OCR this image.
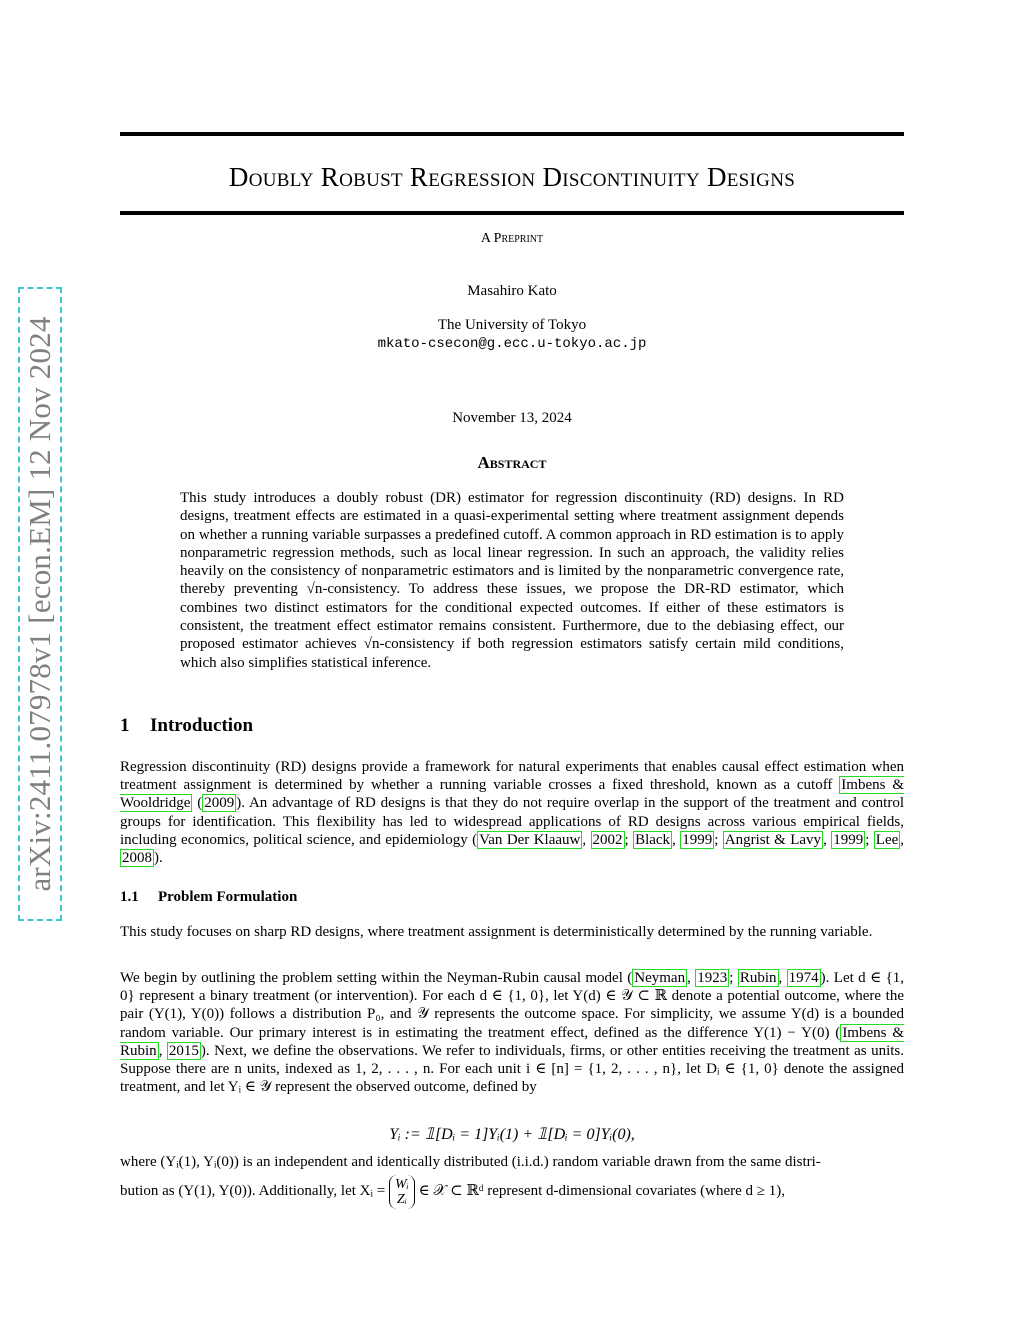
arXiv:2411.07978v1 [econ.EM] 12 Nov 2024
Doubly Robust Regression Discontinuity Designs
A Preprint
Masahiro Kato
The University of Tokyo
mkato-csecon@g.ecc.u-tokyo.ac.jp
November 13, 2024
Abstract
This study introduces a doubly robust (DR) estimator for regression discontinuity (RD) designs. In RD designs, treatment effects are estimated in a quasi-experimental setting where treatment assignment depends on whether a running variable surpasses a predefined cutoff. A common approach in RD estimation is to apply nonparametric regression methods, such as local linear regression. In such an approach, the validity relies heavily on the consistency of nonparametric estimators and is limited by the nonparametric convergence rate, thereby preventing √n-consistency. To address these issues, we propose the DR-RD estimator, which combines two distinct estimators for the conditional expected outcomes. If either of these estimators is consistent, the treatment effect estimator remains consistent. Furthermore, due to the debiasing effect, our proposed estimator achieves √n-consistency if both regression estimators satisfy certain mild conditions, which also simplifies statistical inference.
1 Introduction
Regression discontinuity (RD) designs provide a framework for natural experiments that enables causal effect estimation when treatment assignment is determined by whether a running variable crosses a fixed threshold, known as a cutoff Imbens & Wooldridge ( 2009 ). An advantage of RD designs is that they do not require overlap in the support of the treatment and control groups for identification. This flexibility has led to widespread applications of RD designs across various empirical fields, including economics, political science, and epidemiology ( Van Der Klaauw , 2002 ; Black , 1999 ; Angrist & Lavy , 1999 ; Lee , 2008 ).
1.1 Problem Formulation
This study focuses on sharp RD designs, where treatment assignment is deterministically determined by the running variable.
We begin by outlining the problem setting within the Neyman-Rubin causal model ( Neyman , 1923 ; Rubin , 1974 ). Let d ∈ {1, 0} represent a binary treatment (or intervention). For each d ∈ {1, 0}, let Y(d) ∈ 𝒴 ⊂ ℝ denote a potential outcome, where the pair (Y(1), Y(0)) follows a distribution P₀, and 𝒴 represents the outcome space. For simplicity, we assume Y(d) is a bounded random variable. Our primary interest is in estimating the treatment effect, defined as the difference Y(1) − Y(0) ( Imbens & Rubin , 2015 ). Next, we define the observations. We refer to individuals, firms, or other entities receiving the treatment as units. Suppose there are n units, indexed as 1, 2, . . . , n. For each unit i ∈ [n] = {1, 2, . . . , n}, let Dᵢ ∈ {1, 0} denote the assigned treatment, and let Yᵢ ∈ 𝒴 represent the observed outcome, defined by
Yᵢ := 𝟙[Dᵢ = 1]Yᵢ(1) + 𝟙[Dᵢ = 0]Yᵢ(0),
where (Yᵢ(1), Yᵢ(0)) is an independent and identically distributed (i.i.d.) random variable drawn from the same distri-
bution as (Y(1), Y(0)). Additionally, let Xᵢ = Wᵢ
Zᵢ ∈ 𝒳 ⊂ ℝᵈ represent d-dimensional covariates (where d ≥ 1),
